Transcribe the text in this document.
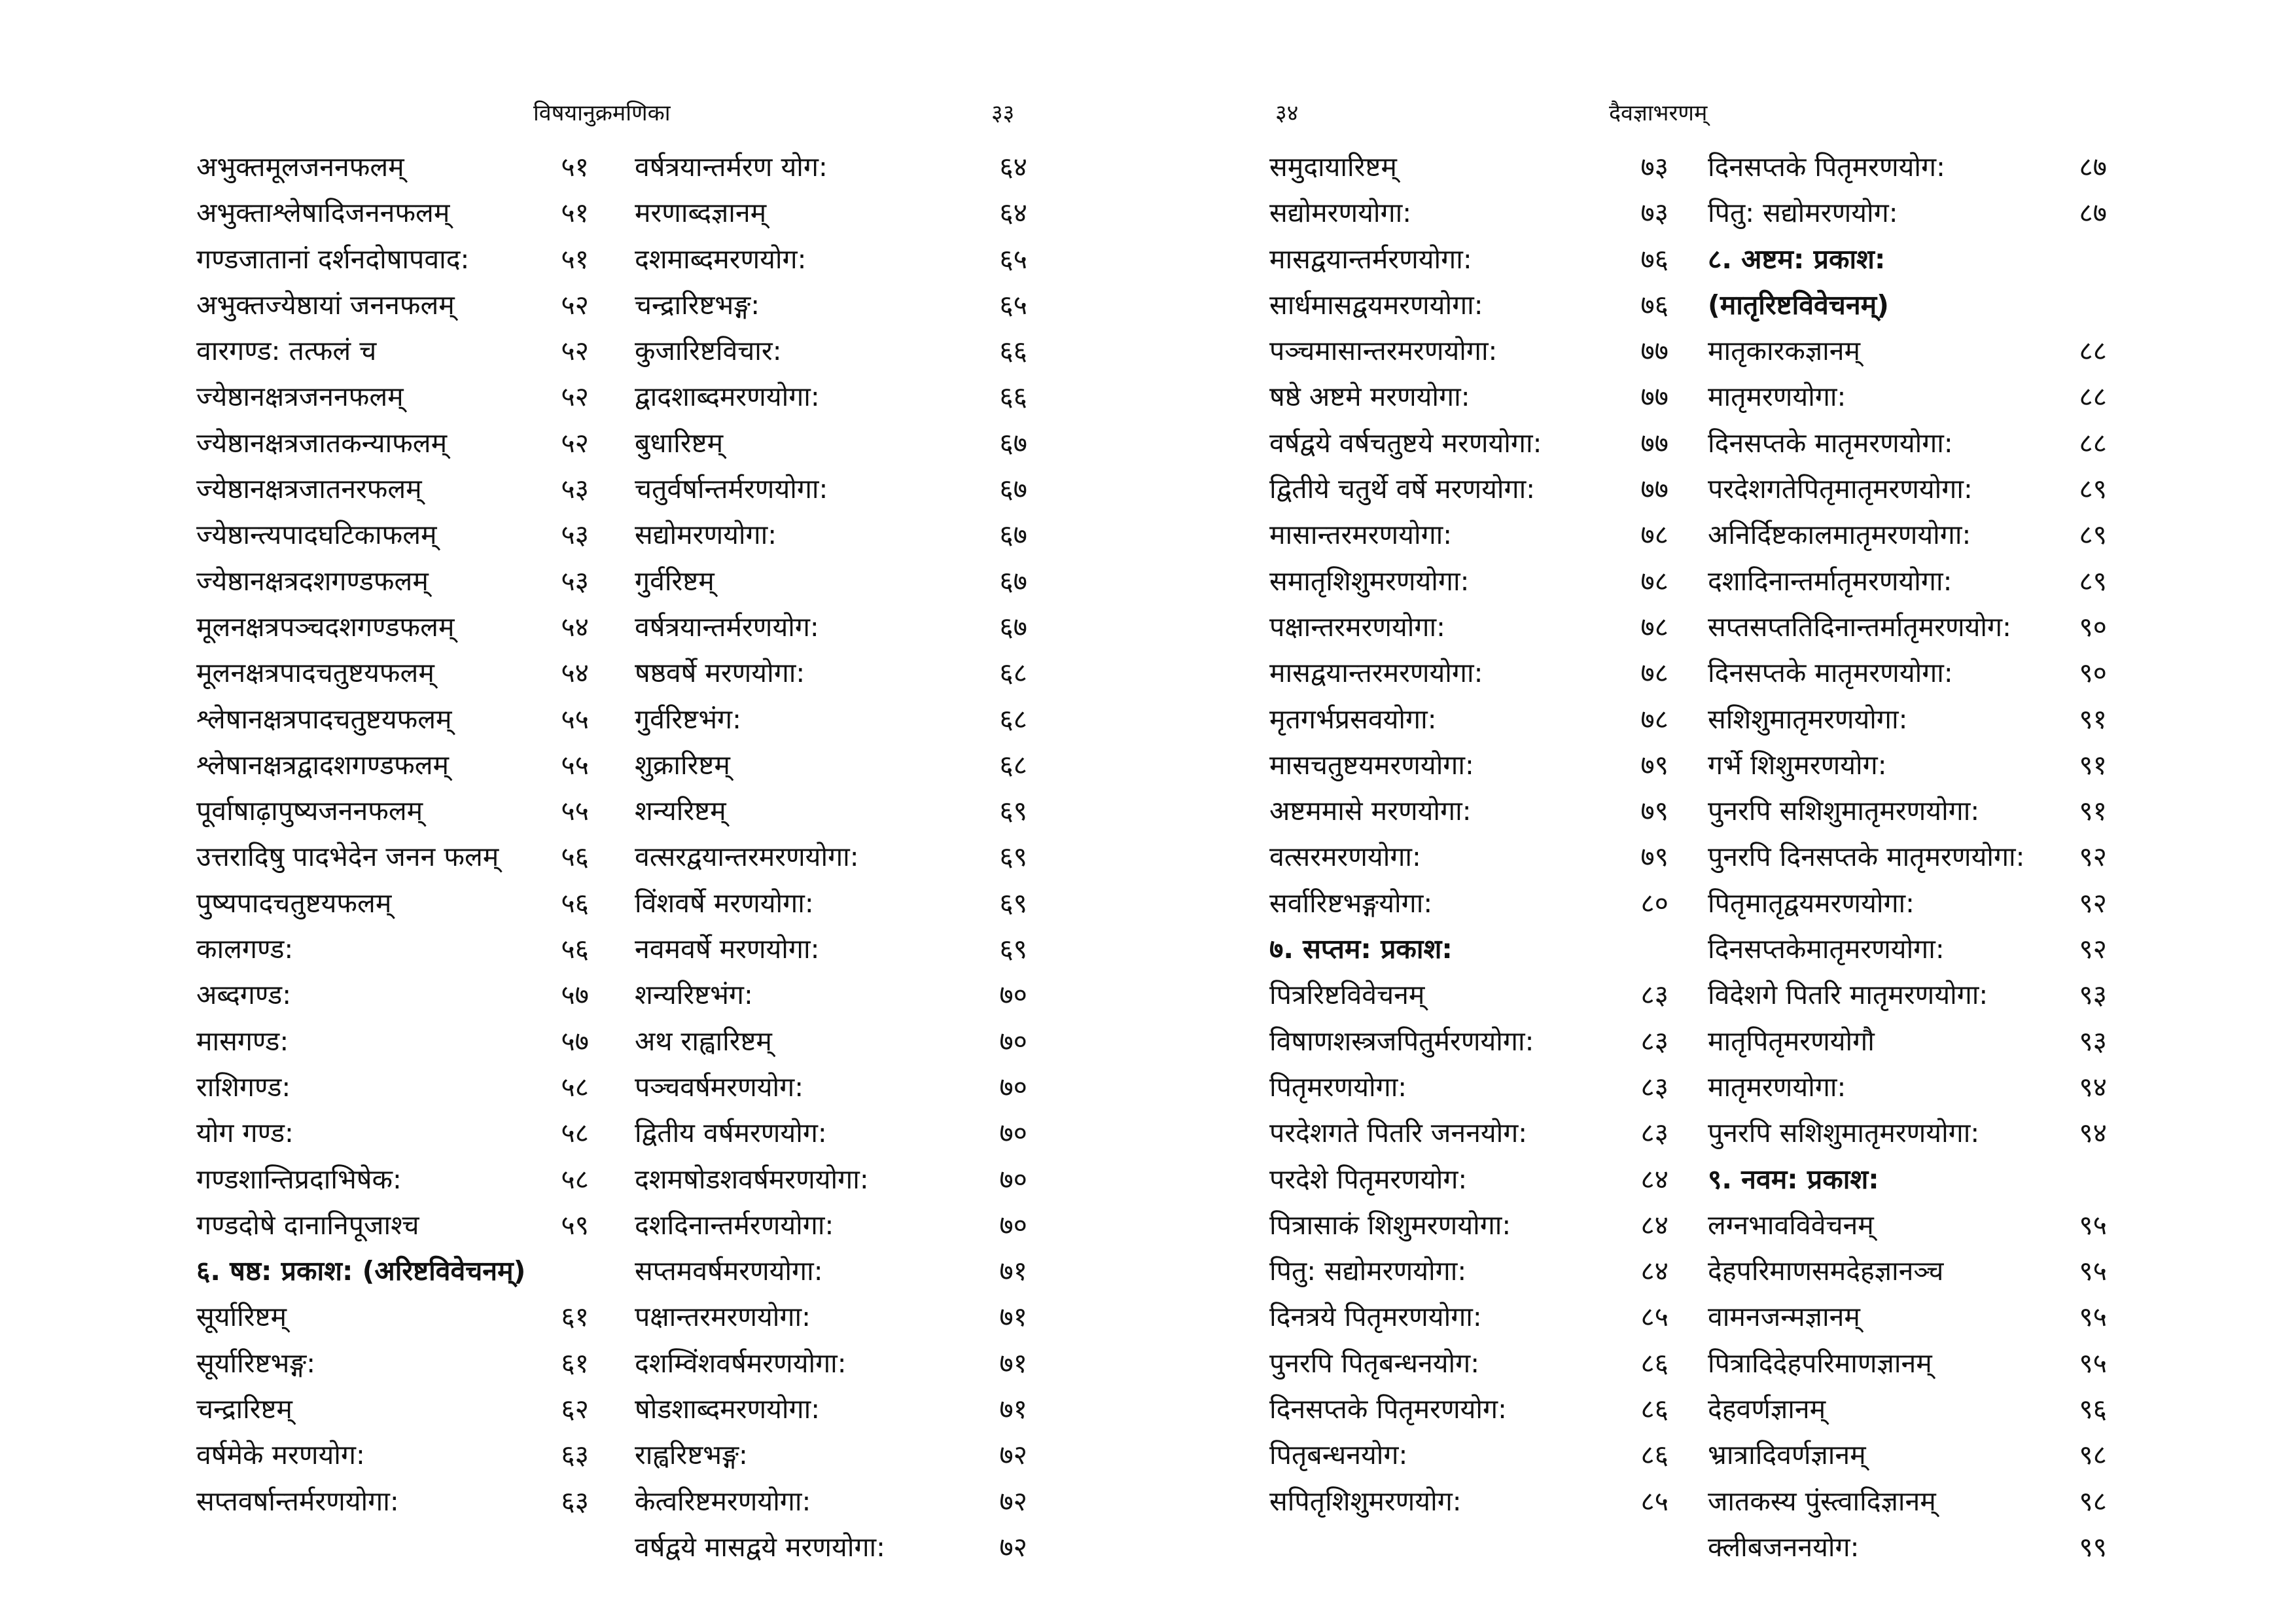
विषयानुक्रमणिका	३३
अभुक्तमूलजननफलम्	५१
अभुक्ताश्लेषादिजननफलम्	५१
गण्डजातानां दर्शनदोषापवाद:	५१
अभुक्तज्येष्ठायां जननफलम्	५२
वारगण्ड: तत्फलं च	५२
ज्येष्ठानक्षत्रजननफलम्	५२
ज्येष्ठानक्षत्रजातकन्याफलम्	५२
ज्येष्ठानक्षत्रजातनरफलम्	५३
ज्येष्ठान्त्यपादघटिकाफलम्	५३
ज्येष्ठानक्षत्रदशगण्डफलम्	५३
मूलनक्षत्रपञ्चदशगण्डफलम्	५४
मूलनक्षत्रपादचतुष्टयफलम्	५४
श्लेषानक्षत्रपादचतुष्टयफलम्	५५
श्लेषानक्षत्रद्वादशगण्डफलम्	५५
पूर्वाषाढ़ापुष्यजननफलम्	५५
उत्तरादिषु पादभेदेन जनन फलम्	५६
पुष्यपादचतुष्टयफलम्	५६
कालगण्ड:	५६
अब्दगण्ड:	५७
मासगण्ड:	५७
राशिगण्ड:	५८
योग गण्ड:	५८
गण्डशान्तिप्रदाभिषेक:	५८
गण्डदोषे दानानिपूजाश्च	५९
६. षष्ठ: प्रकाश: (अरिष्टविवेचनम्)
सूर्यारिष्टम्	६१
सूर्यारिष्टभङ्ग:	६१
चन्द्रारिष्टम्	६२
वर्षमेके मरणयोग:	६३
सप्तवर्षान्तर्मरणयोगा:	६३
वर्षत्रयान्तर्मरण योग:	६४
मरणाब्दज्ञानम्	६४
दशमाब्दमरणयोग:	६५
चन्द्रारिष्टभङ्ग:	६५
कुजारिष्टविचार:	६६
द्वादशाब्दमरणयोगा:	६६
बुधारिष्टम्	६७
चतुर्वर्षान्तर्मरणयोगा:	६७
सद्योमरणयोगा:	६७
गुर्वरिष्टम्	६७
वर्षत्रयान्तर्मरणयोग:	६७
षष्ठवर्षे मरणयोगा:	६८
गुर्वरिष्टभंग:	६८
शुक्रारिष्टम्	६८
शन्यरिष्टम्	६९
वत्सरद्वयान्तरमरणयोगा:	६९
विंशवर्षे मरणयोगा:	६९
नवमवर्षे मरणयोगा:	६९
शन्यरिष्टभंग:	७०
अथ राह्वारिष्टम्	७०
पञ्चवर्षमरणयोग:	७०
द्वितीय वर्षमरणयोग:	७०
दशमषोडशवर्षमरणयोगा:	७०
दशदिनान्तर्मरणयोगा:	७०
सप्तमवर्षमरणयोगा:	७१
पक्षान्तरमरणयोगा:	७१
दशम्विंशवर्षमरणयोगा:	७१
षोडशाब्दमरणयोगा:	७१
राह्वरिष्टभङ्ग:	७२
केत्वरिष्टमरणयोगा:	७२
वर्षद्वये मासद्वये मरणयोगा:	७२
३४	दैवज्ञाभरणम्
समुदायारिष्टम्	७३
सद्योमरणयोगा:	७३
मासद्वयान्तर्मरणयोगा:	७६
सार्धमासद्वयमरणयोगा:	७६
पञ्चमासान्तरमरणयोगा:	७७
षष्ठे अष्टमे मरणयोगा:	७७
वर्षद्वये वर्षचतुष्टये मरणयोगा:	७७
द्वितीये चतुर्थे वर्षे मरणयोगा:	७७
मासान्तरमरणयोगा:	७८
समातृशिशुमरणयोगा:	७८
पक्षान्तरमरणयोगा:	७८
मासद्वयान्तरमरणयोगा:	७८
मृतगर्भप्रसवयोगा:	७८
मासचतुष्टयमरणयोगा:	७९
अष्टममासे मरणयोगा:	७९
वत्सरमरणयोगा:	७९
सर्वारिष्टभङ्गयोगा:	८०
७. सप्तम: प्रकाश:
पित्ररिष्टविवेचनम्	८३
विषाणशस्त्रजपितुर्मरणयोगा:	८३
पितृमरणयोगा:	८३
परदेशगते पितरि जननयोग:	८३
परदेशे पितृमरणयोग:	८४
पित्रासाकं शिशुमरणयोगा:	८४
पितु: सद्योमरणयोगा:	८४
दिनत्रये पितृमरणयोगा:	८५
पुनरपि पितृबन्धनयोग:	८६
दिनसप्तके पितृमरणयोग:	८६
पितृबन्धनयोग:	८६
सपितृशिशुमरणयोग:	८५
दिनसप्तके पितृमरणयोग:	८७
पितु: सद्योमरणयोग:	८७
८. अष्टम: प्रकाश:
(मातृरिष्टविवेचनम्)
मातृकारकज्ञानम्	८८
मातृमरणयोगा:	८८
दिनसप्तके मातृमरणयोगा:	८८
परदेशगतेपितृमातृमरणयोगा:	८९
अनिर्दिष्टकालमातृमरणयोगा:	८९
दशादिनान्तर्मातृमरणयोगा:	८९
सप्तसप्ततिदिनान्तर्मातृमरणयोग:	९०
दिनसप्तके मातृमरणयोगा:	९०
सशिशुमातृमरणयोगा:	९१
गर्भे शिशुमरणयोग:	९१
पुनरपि सशिशुमातृमरणयोगा:	९१
पुनरपि दिनसप्तके मातृमरणयोगा:	९२
पितृमातृद्वयमरणयोगा:	९२
दिनसप्तकेमातृमरणयोगा:	९२
विदेशगे पितरि मातृमरणयोगा:	९३
मातृपितृमरणयोगौ	९३
मातृमरणयोगा:	९४
पुनरपि सशिशुमातृमरणयोगा:	९४
९. नवम: प्रकाश:
लग्नभावविवेचनम्	९५
देहपरिमाणसमदेहज्ञानञ्च	९५
वामनजन्मज्ञानम्	९५
पित्रादिदेहपरिमाणज्ञानम्	९५
देहवर्णज्ञानम्	९६
भ्रात्रादिवर्णज्ञानम्	९८
जातकस्य पुंस्त्वादिज्ञानम्	९८
क्लीबजननयोग:	९९
